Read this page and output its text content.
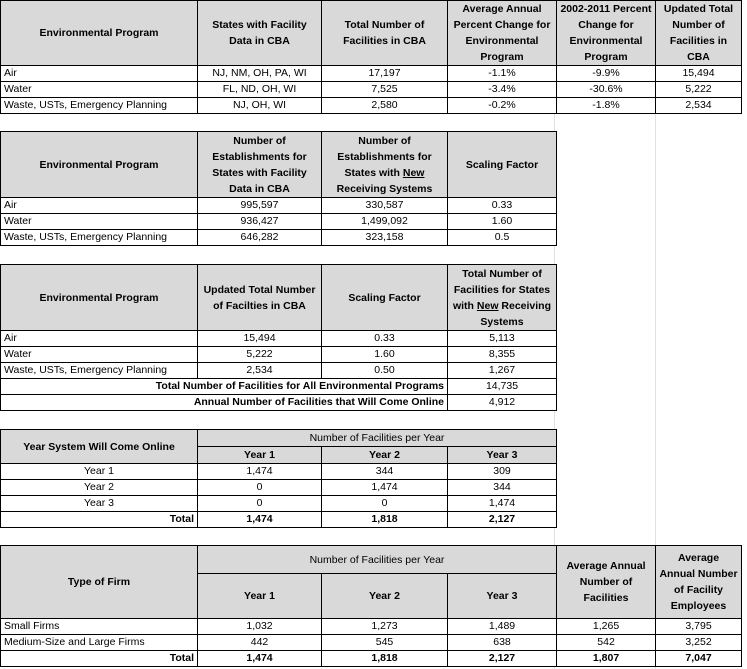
Environmental Program	States with Facility Data in CBA	Total Number of Facilities in CBA	Average Annual Percent Change for Environmental Program	2002-2011 Percent Change for Environmental Program	Updated Total Number of Facilities in CBA
Air	NJ, NM, OH, PA, WI	17,197	-1.1%	-9.9%	15,494
Water	FL, ND, OH, WI	7,525	-3.4%	-30.6%	5,222
Waste, USTs, Emergency Planning	NJ, OH, WI	2,580	-0.2%	-1.8%	2,534
Environmental Program	Number of Establishments for States with Facility Data in CBA	Number of Establishments for States with New Receiving Systems	Scaling Factor
Air	995,597	330,587	0.33
Water	936,427	1,499,092	1.60
Waste, USTs, Emergency Planning	646,282	323,158	0.5
Environmental Program	Updated Total Number of Facilties in CBA	Scaling Factor	Total Number of Facilities for States with New Receiving Systems
Air	15,494	0.33	5,113
Water	5,222	1.60	8,355
Waste, USTs, Emergency Planning	2,534	0.50	1,267
Total Number of Facilities for All Environmental Programs			14,735
Annual Number of Facilities that Will Come Online			4,912
Year System Will Come Online	Number of Facilities per Year		
	Year 1	Year 2	Year 3
Year 1	1,474	344	309
Year 2	0	1,474	344
Year 3	0	0	1,474
Total	1,474	1,818	2,127
Type of Firm	Number of Facilities per Year			Average Annual Number of Facilities	Average Annual Number of Facility Employees
	Year 1	Year 2	Year 3		
Small Firms	1,032	1,273	1,489	1,265	3,795
Medium-Size and Large Firms	442	545	638	542	3,252
Total	1,474	1,818	2,127	1,807	7,047
